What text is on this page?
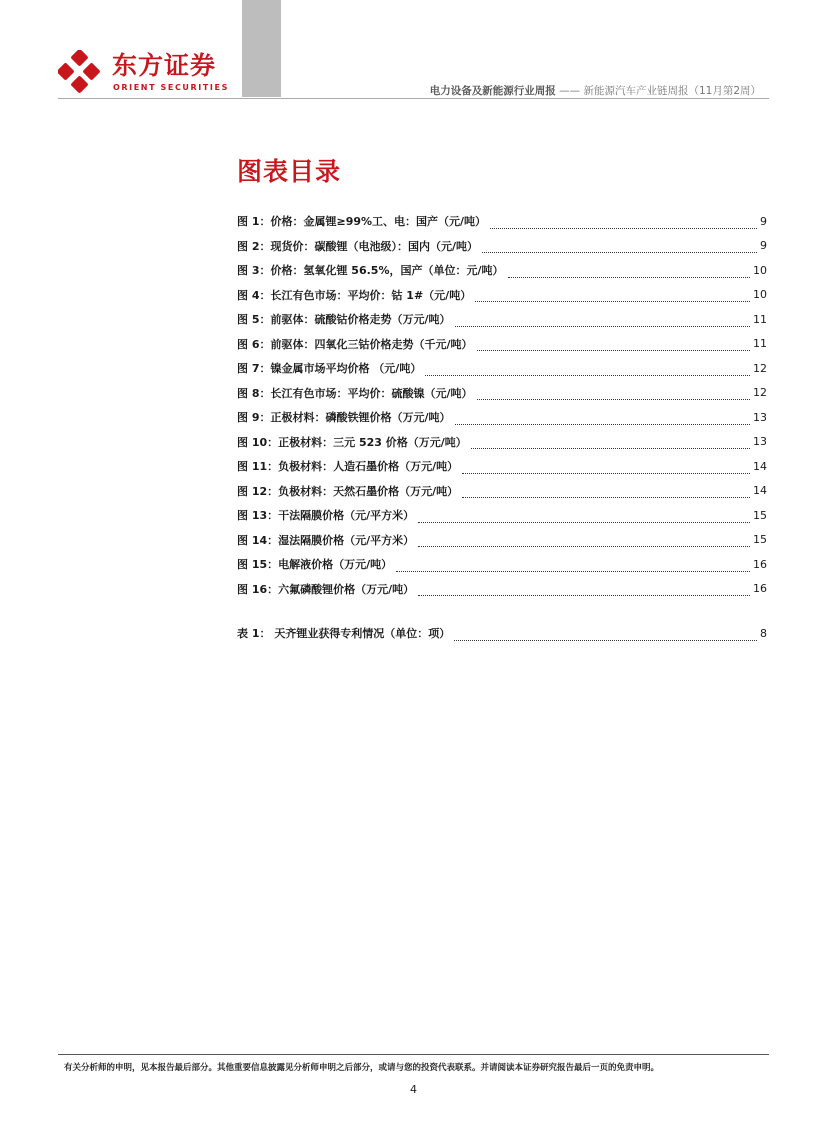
东方证券
ORIENT SECURITIES	电力设备及新能源行业周报 —— 新能源汽车产业链周报（11月第2周）
图表目录
图 1：价格：金属锂≥99%工、电：国产（元/吨）	9
图 2：现货价：碳酸锂（电池级）：国内（元/吨）	9
图 3：价格：氢氧化锂 56.5%，国产（单位：元/吨）	10
图 4：长江有色市场：平均价：钴 1#（元/吨）	10
图 5：前驱体：硫酸钴价格走势（万元/吨）	11
图 6：前驱体：四氧化三钴价格走势（千元/吨）	11
图 7：镍金属市场平均价格 （元/吨）	12
图 8：长江有色市场：平均价：硫酸镍（元/吨）	12
图 9：正极材料：磷酸铁锂价格（万元/吨）	13
图 10：正极材料：三元 523 价格（万元/吨）	13
图 11：负极材料：人造石墨价格（万元/吨）	14
图 12：负极材料：天然石墨价格（万元/吨）	14
图 13：干法隔膜价格（元/平方米）	15
图 14：湿法隔膜价格（元/平方米）	15
图 15：电解液价格（万元/吨）	16
图 16：六氟磷酸锂价格（万元/吨）	16
表 1： 天齐锂业获得专利情况（单位：项）	8
有关分析师的申明，见本报告最后部分。其他重要信息披露见分析师申明之后部分，或请与您的投资代表联系。并请阅读本证券研究报告最后一页的免责申明。
4
